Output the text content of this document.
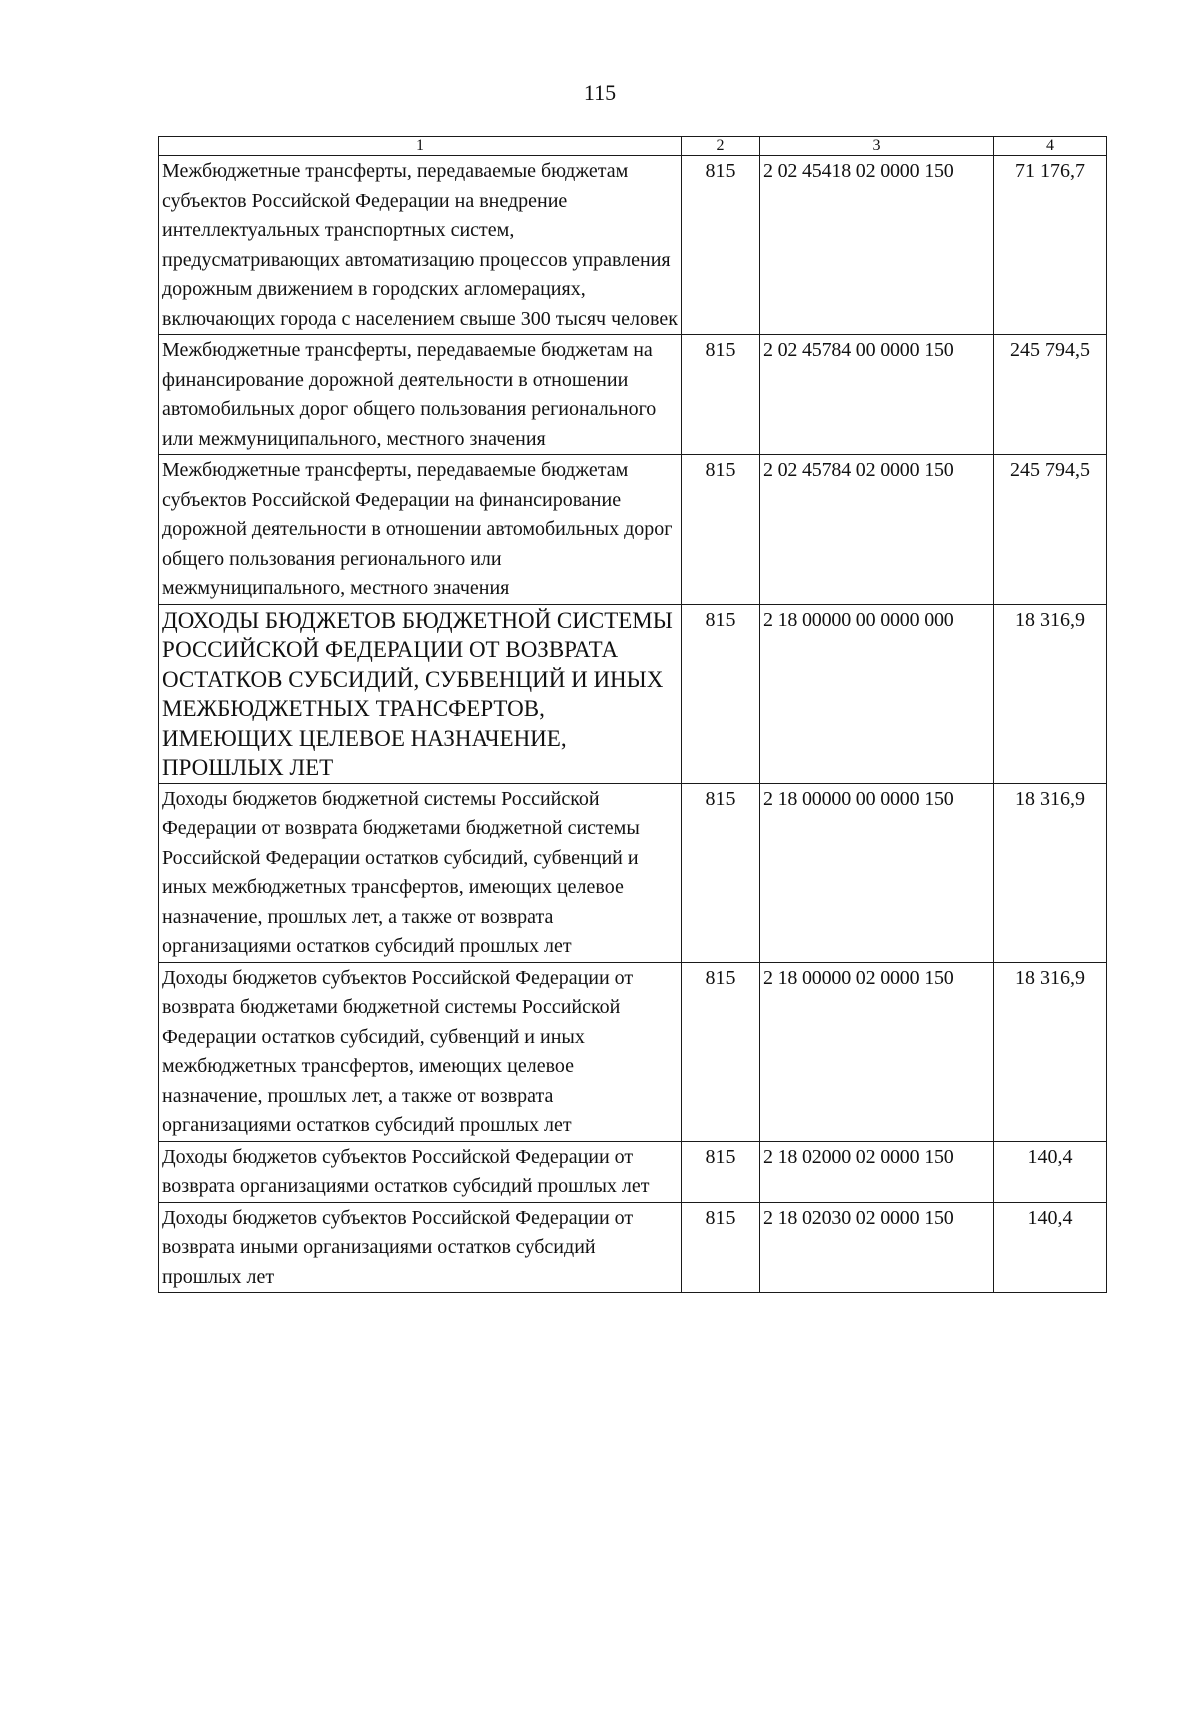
115
1	2	3	4
Межбюджетные трансферты, передаваемые бюджетам субъектов Российской Федерации на внедрение интеллектуальных транспортных систем, предусматривающих автоматизацию процессов управления дорожным движением в городских агломерациях, включающих города с населением свыше 300 тысяч человек	815	2 02 45418 02 0000 150	71 176,7
Межбюджетные трансферты, передаваемые бюджетам на финансирование дорожной деятельности в отношении автомобильных дорог общего пользования регионального или межмуниципального, местного значения	815	2 02 45784 00 0000 150	245 794,5
Межбюджетные трансферты, передаваемые бюджетам субъектов Российской Федерации на финансирование дорожной деятельности в отношении автомобильных дорог общего пользования регионального или межмуниципального, местного значения	815	2 02 45784 02 0000 150	245 794,5
ДОХОДЫ БЮДЖЕТОВ БЮДЖЕТНОЙ СИСТЕМЫ РОССИЙСКОЙ ФЕДЕРАЦИИ ОТ ВОЗВРАТА ОСТАТКОВ СУБСИДИЙ, СУБВЕНЦИЙ И ИНЫХ МЕЖБЮДЖЕТНЫХ ТРАНСФЕРТОВ, ИМЕЮЩИХ ЦЕЛЕВОЕ НАЗНАЧЕНИЕ, ПРОШЛЫХ ЛЕТ	815	2 18 00000 00 0000 000	18 316,9
Доходы бюджетов бюджетной системы Российской Федерации от возврата бюджетами бюджетной системы Российской Федерации остатков субсидий, субвенций и иных межбюджетных трансфертов, имеющих целевое назначение, прошлых лет, а также от возврата организациями остатков субсидий прошлых лет	815	2 18 00000 00 0000 150	18 316,9
Доходы бюджетов субъектов Российской Федерации от возврата бюджетами бюджетной системы Российской Федерации остатков субсидий, субвенций и иных межбюджетных трансфертов, имеющих целевое назначение, прошлых лет, а также от возврата организациями остатков субсидий прошлых лет	815	2 18 00000 02 0000 150	18 316,9
Доходы бюджетов субъектов Российской Федерации от возврата организациями остатков субсидий прошлых лет	815	2 18 02000 02 0000 150	140,4
Доходы бюджетов субъектов Российской Федерации от возврата иными организациями остатков субсидий прошлых лет	815	2 18 02030 02 0000 150	140,4
